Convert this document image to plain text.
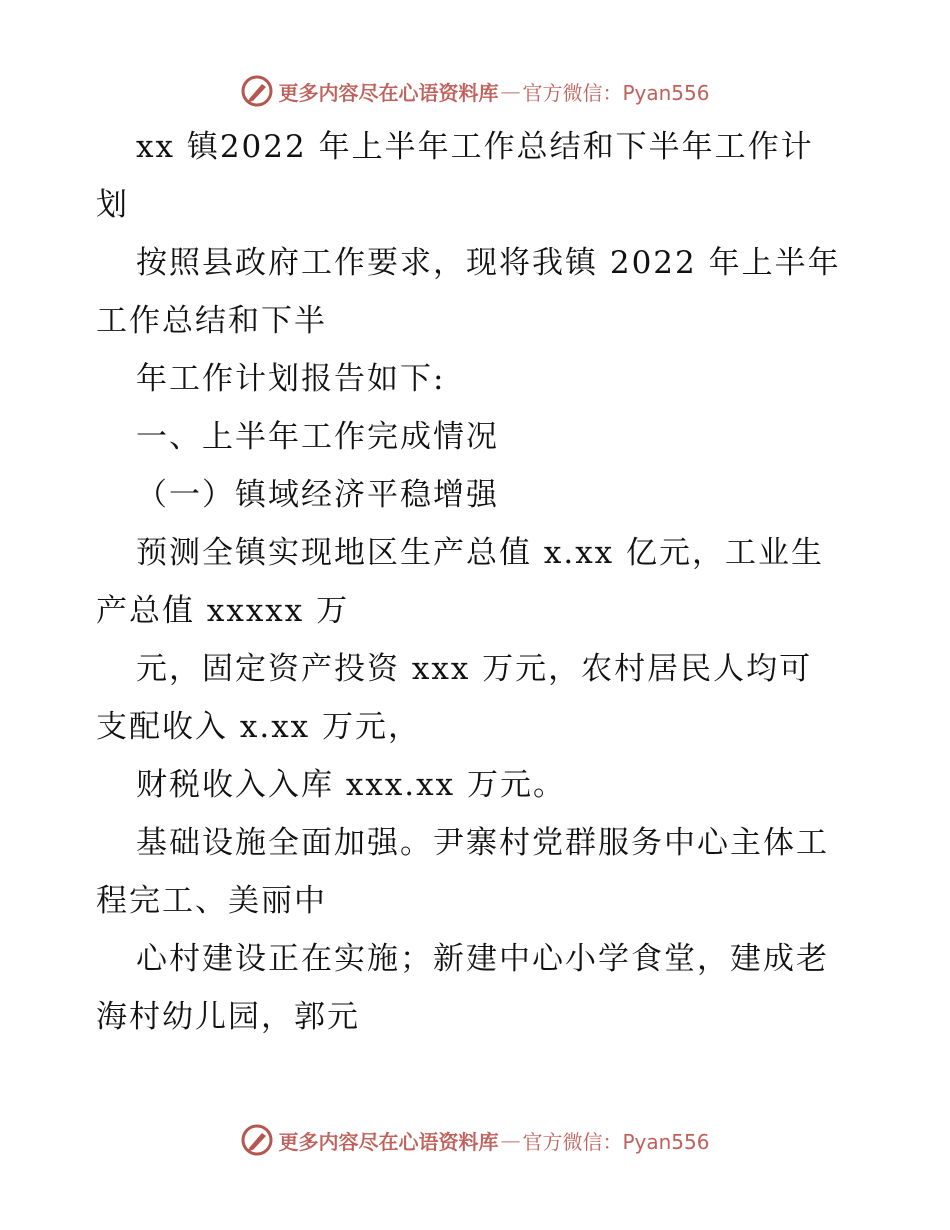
更多内容尽在心语资料库 — 官方微信：Pyan556
xx 镇2022 年上半年工作总结和下半年工作计
划
按照县政府工作要求，现将我镇 2022 年上半年
工作总结和下半
年工作计划报告如下:
一、上半年工作完成情况
（一）镇域经济平稳增强
预测全镇实现地区生产总值 x.xx 亿元，工业生
产总值 xxxxx 万
元，固定资产投资 xxx 万元，农村居民人均可
支配收入 x.xx 万元，
财税收入入库 xxx.xx 万元。
基础设施全面加强。尹寨村党群服务中心主体工
程完工、美丽中
心村建设正在实施；新建中心小学食堂，建成老
海村幼儿园，郭元
更多内容尽在心语资料库 — 官方微信：Pyan556
